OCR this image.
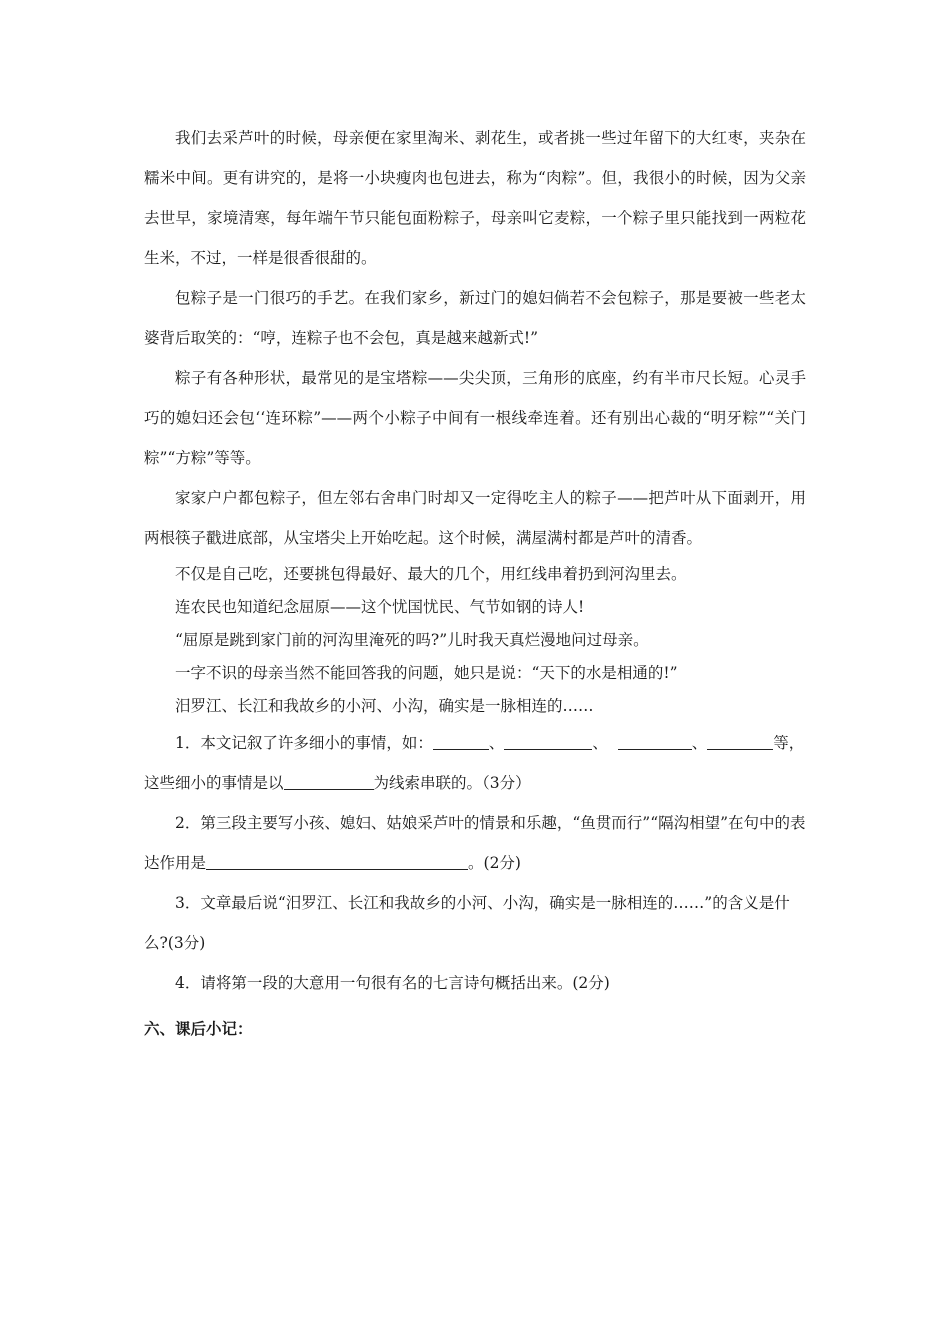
我们去采芦叶的时候，母亲便在家里淘米、剥花生，或者挑一些过年留下的大红枣，夹杂在糯米中间。更有讲究的，是将一小块瘦肉也包进去，称为“肉粽”。但，我很小的时候，因为父亲去世早，家境清寒，每年端午节只能包面粉粽子，母亲叫它麦粽，一个粽子里只能找到一两粒花生米，不过，一样是很香很甜的。

包粽子是一门很巧的手艺。在我们家乡，新过门的媳妇倘若不会包粽子，那是要被一些老太婆背后取笑的：“哼，连粽子也不会包，真是越来越新式!”

粽子有各种形状，最常见的是宝塔粽——尖尖顶，三角形的底座，约有半市尺长短。心灵手巧的媳妇还会包‘‘连环粽”——两个小粽子中间有一根线牵连着。还有别出心裁的“明牙粽”“关门粽”“方粽”等等。

家家户户都包粽子，但左邻右舍串门时却又一定得吃主人的粽子——把芦叶从下面剥开，用两根筷子戳进底部，从宝塔尖上开始吃起。这个时候，满屋满村都是芦叶的清香。

不仅是自己吃，还要挑包得最好、最大的几个，用红线串着扔到河沟里去。

连农民也知道纪念屈原——这个忧国忧民、气节如钢的诗人!

“屈原是跳到家门前的河沟里淹死的吗?”儿时我天真烂漫地问过母亲。

一字不识的母亲当然不能回答我的问题，她只是说：“天下的水是相通的!”

汨罗江、长江和我故乡的小河、小沟，确实是一脉相连的……

1．本文记叙了许多细小的事情，如：	、	、	、	等，这些细小的事情是以	为线索串联的。（3分）

2．第三段主要写小孩、媳妇、姑娘采芦叶的情景和乐趣，“鱼贯而行”“隔沟相望”在句中的表达作用是	。(2分)

3．文章最后说“汨罗江、长江和我故乡的小河、小沟，确实是一脉相连的……”的含义是什么?(3分)

4．请将第一段的大意用一句很有名的七言诗句概括出来。(2分)

六、课后小记：
